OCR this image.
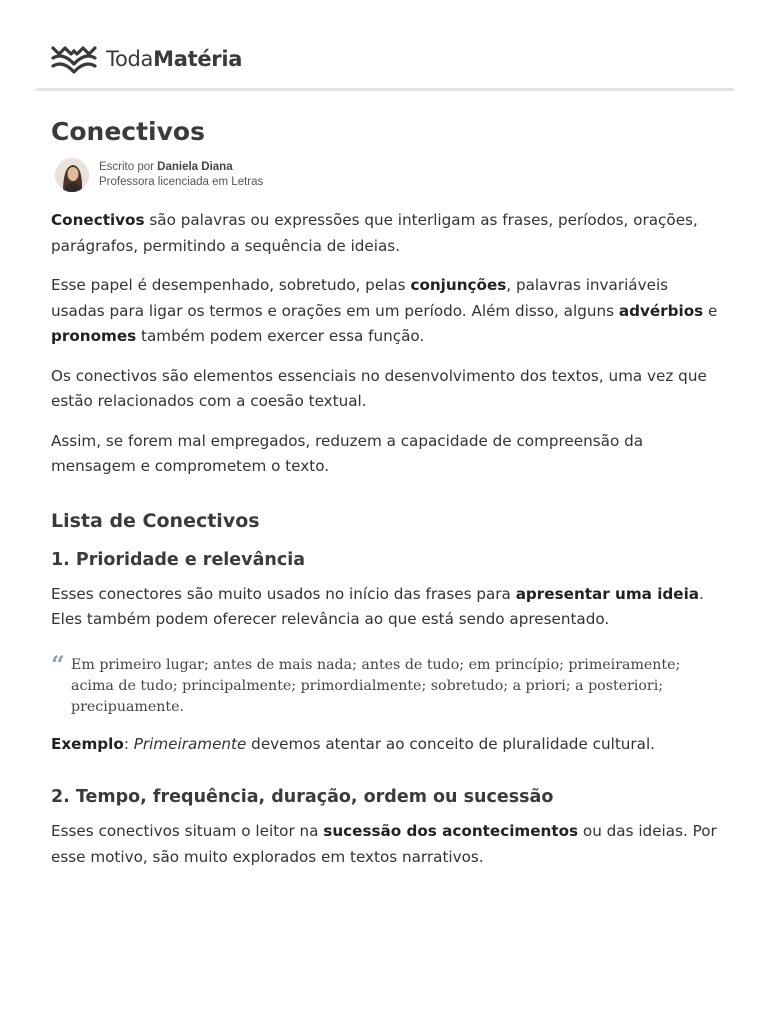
TodaMatéria
Conectivos
Escrito por Daniela Diana
Professora licenciada em Letras

Conectivos são palavras ou expressões que interligam as frases, períodos, orações, parágrafos, permitindo a sequência de ideias.

Esse papel é desempenhado, sobretudo, pelas conjunções, palavras invariáveis usadas para ligar os termos e orações em um período. Além disso, alguns advérbios e pronomes também podem exercer essa função.

Os conectivos são elementos essenciais no desenvolvimento dos textos, uma vez que estão relacionados com a coesão textual.

Assim, se forem mal empregados, reduzem a capacidade de compreensão da mensagem e comprometem o texto.

Lista de Conectivos
1. Prioridade e relevância

Esses conectores são muito usados no início das frases para apresentar uma ideia. Eles também podem oferecer relevância ao que está sendo apresentado.

“ Em primeiro lugar; antes de mais nada; antes de tudo; em princípio; primeiramente; acima de tudo; principalmente; primordialmente; sobretudo; a priori; a posteriori; precipuamente.

Exemplo: Primeiramente devemos atentar ao conceito de pluralidade cultural.

2. Tempo, frequência, duração, ordem ou sucessão

Esses conectivos situam o leitor na sucessão dos acontecimentos ou das ideias. Por esse motivo, são muito explorados em textos narrativos.
